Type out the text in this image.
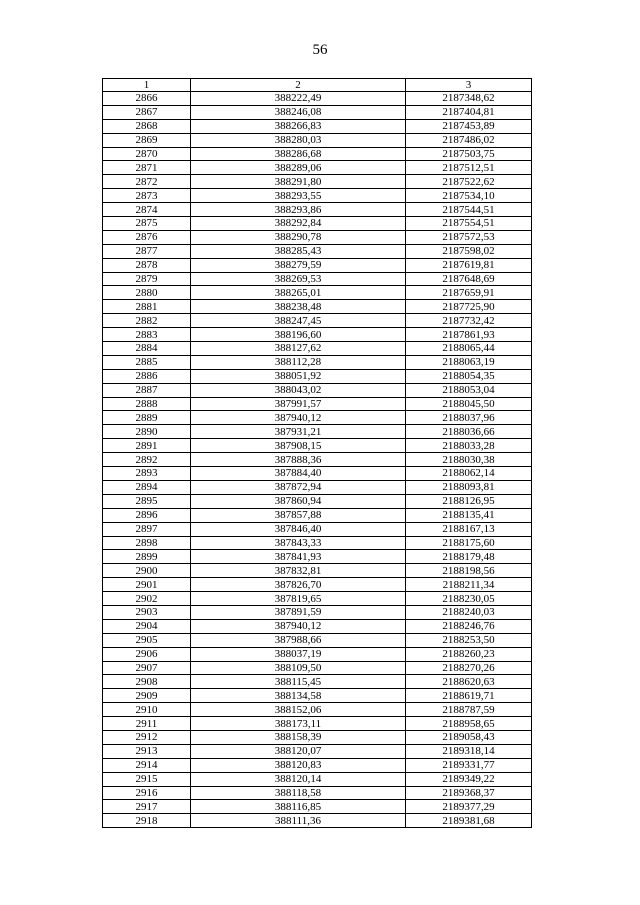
56
1	2	3
2866	388222,49	2187348,62
2867	388246,08	2187404,81
2868	388266,83	2187453,89
2869	388280,03	2187486,02
2870	388286,68	2187503,75
2871	388289,06	2187512,51
2872	388291,80	2187522,62
2873	388293,55	2187534,10
2874	388293,86	2187544,51
2875	388292,84	2187554,51
2876	388290,78	2187572,53
2877	388285,43	2187598,02
2878	388279,59	2187619,81
2879	388269,53	2187648,69
2880	388265,01	2187659,91
2881	388238,48	2187725,90
2882	388247,45	2187732,42
2883	388196,60	2187861,93
2884	388127,62	2188065,44
2885	388112,28	2188063,19
2886	388051,92	2188054,35
2887	388043,02	2188053,04
2888	387991,57	2188045,50
2889	387940,12	2188037,96
2890	387931,21	2188036,66
2891	387908,15	2188033,28
2892	387888,36	2188030,38
2893	387884,40	2188062,14
2894	387872,94	2188093,81
2895	387860,94	2188126,95
2896	387857,88	2188135,41
2897	387846,40	2188167,13
2898	387843,33	2188175,60
2899	387841,93	2188179,48
2900	387832,81	2188198,56
2901	387826,70	2188211,34
2902	387819,65	2188230,05
2903	387891,59	2188240,03
2904	387940,12	2188246,76
2905	387988,66	2188253,50
2906	388037,19	2188260,23
2907	388109,50	2188270,26
2908	388115,45	2188620,63
2909	388134,58	2188619,71
2910	388152,06	2188787,59
2911	388173,11	2188958,65
2912	388158,39	2189058,43
2913	388120,07	2189318,14
2914	388120,83	2189331,77
2915	388120,14	2189349,22
2916	388118,58	2189368,37
2917	388116,85	2189377,29
2918	388111,36	2189381,68
